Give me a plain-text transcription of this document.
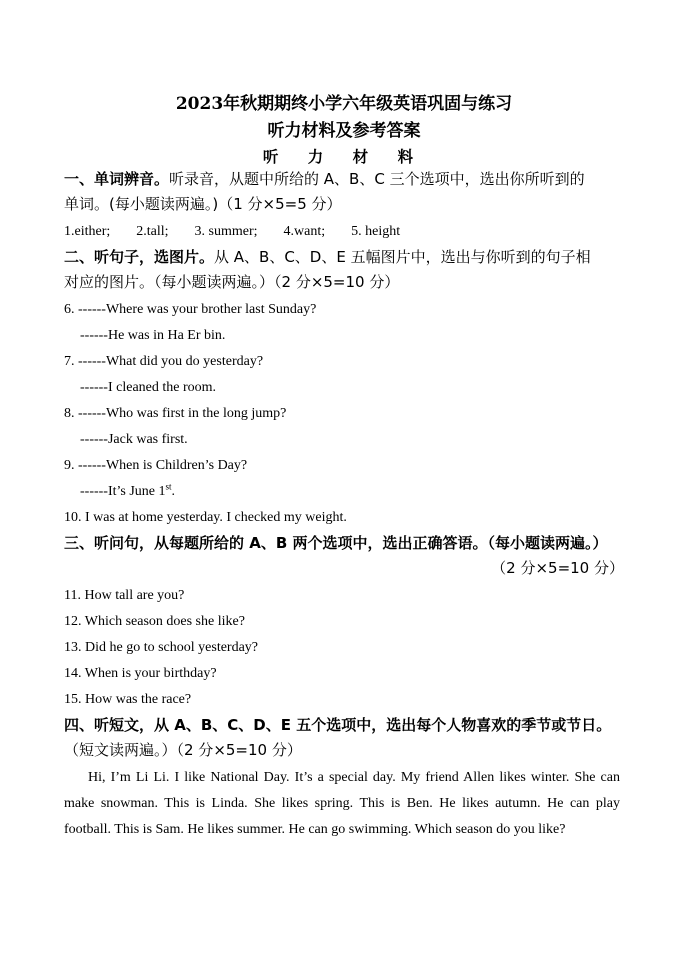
2023年秋期期终小学六年级英语巩固与练习
听力材料及参考答案
听 力 材 料
一、单词辨音。听录音，从题中所给的 A、B、C 三个选项中，选出你所听到的
单词。(每小题读两遍。)（1 分×5=5 分）
1.either; 2.tall; 3. summer; 4.want; 5. height
二、听句子，选图片。从 A、B、C、D、E 五幅图片中，选出与你听到的句子相
对应的图片。（每小题读两遍。）（2 分×5=10 分）
6. ------Where was your brother last Sunday?
------He was in Ha Er bin.
7. ------What did you do yesterday?
------I cleaned the room.
8. ------Who was first in the long jump?
------Jack was first.
9. ------When is Children’s Day?
------It’s June 1st.
10. I was at home yesterday. I checked my weight.
三、听问句，从每题所给的 A、B 两个选项中，选出正确答语。（每小题读两遍。）
（2 分×5=10 分）
11. How tall are you?
12. Which season does she like?
13. Did he go to school yesterday?
14. When is your birthday?
15. How was the race?
四、听短文，从 A、B、C、D、E 五个选项中，选出每个人物喜欢的季节或节日。
（短文读两遍。）（2 分×5=10 分）
Hi, I’m Li Li. I like National Day. It’s a special day. My friend Allen likes winter. She can make snowman. This is Linda. She likes spring. This is Ben. He likes autumn. He can play football. This is Sam. He likes summer. He can go swimming. Which season do you like?
